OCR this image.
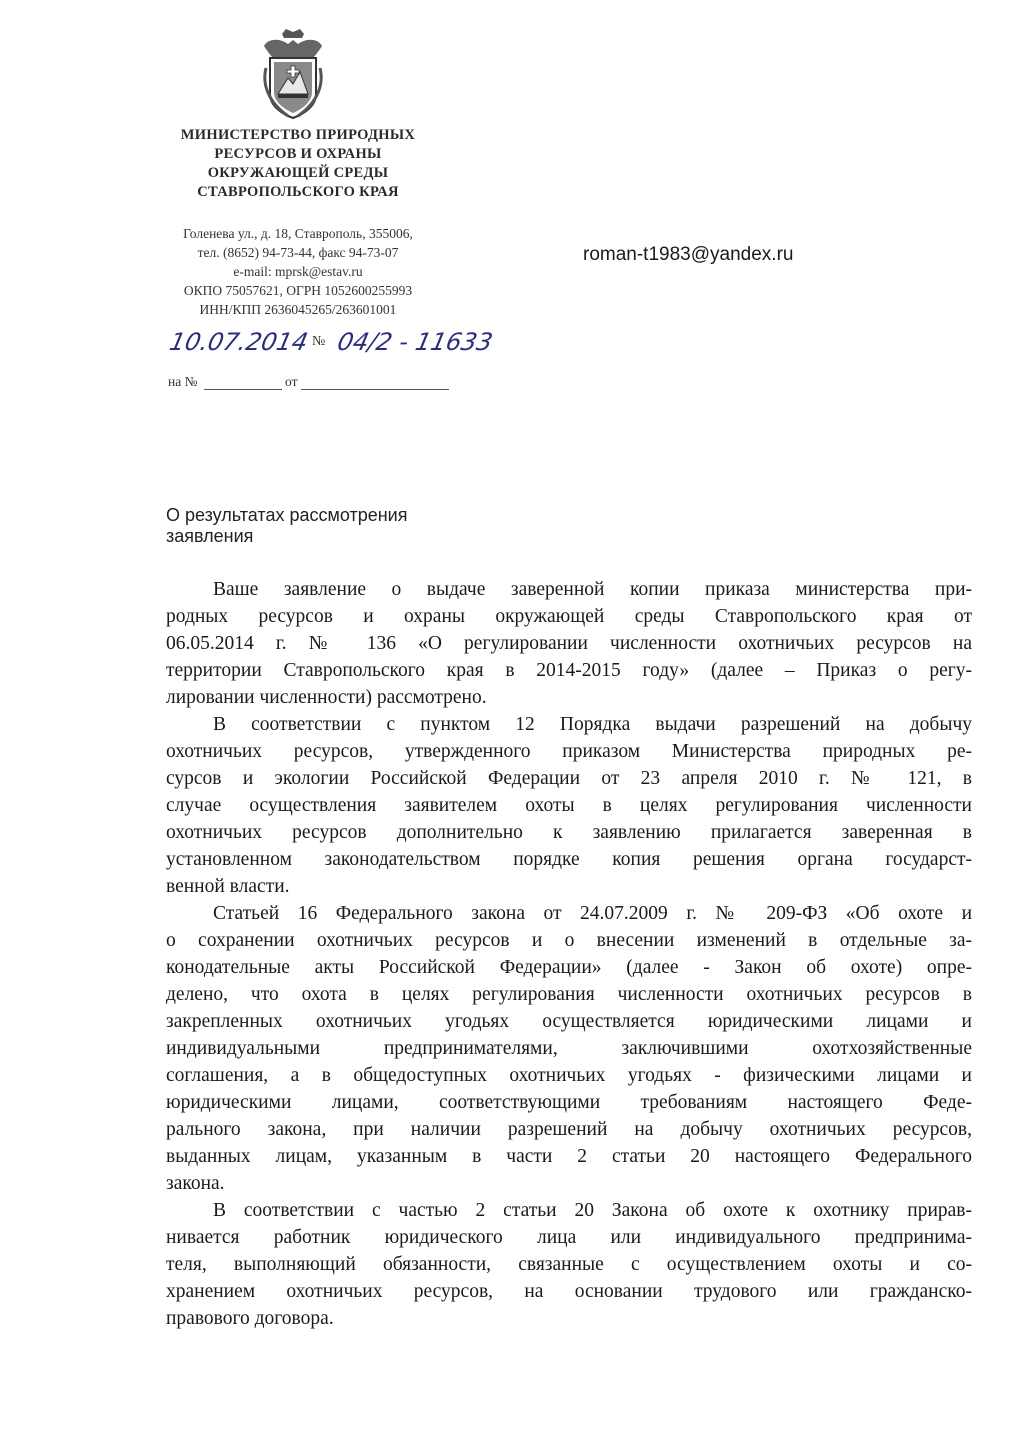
МИНИСТЕРСТВО ПРИРОДНЫХ
РЕСУРСОВ И ОХРАНЫ
ОКРУЖАЮЩЕЙ СРЕДЫ
СТАВРОПОЛЬСКОГО КРАЯ
Голенева ул., д. 18, Ставрополь, 355006,
тел. (8652) 94-73-44, факс 94-73-07
e-mail: mprsk@estav.ru
ОКПО 75057621, ОГРН 1052600255993
ИНН/КПП 2636045265/263601001
10.07.2014 № 04/2 - 11633
на №	от
roman-t1983@yandex.ru
О результатах рассмотрения
заявления
Ваше заявление о выдаче заверенной копии приказа министерства при-
родных ресурсов и охраны окружающей среды Ставропольского края от
06.05.2014 г. № 136 «О регулировании численности охотничьих ресурсов на
территории Ставропольского края в 2014-2015 году» (далее – Приказ о регу-
лировании численности) рассмотрено.
В соответствии с пунктом 12 Порядка выдачи разрешений на добычу
охотничьих ресурсов, утвержденного приказом Министерства природных ре-
сурсов и экологии Российской Федерации от 23 апреля 2010 г. № 121, в
случае осуществления заявителем охоты в целях регулирования численности
охотничьих ресурсов дополнительно к заявлению прилагается заверенная в
установленном законодательством порядке копия решения органа государст-
венной власти.
Статьей 16 Федерального закона от 24.07.2009 г. № 209-ФЗ «Об охоте и
о сохранении охотничьих ресурсов и о внесении изменений в отдельные за-
конодательные акты Российской Федерации» (далее - Закон об охоте) опре-
делено, что охота в целях регулирования численности охотничьих ресурсов в
закрепленных охотничьих угодьях осуществляется юридическими лицами и
индивидуальными предпринимателями, заключившими охотхозяйственные
соглашения, а в общедоступных охотничьих угодьях - физическими лицами и
юридическими лицами, соответствующими требованиям настоящего Феде-
рального закона, при наличии разрешений на добычу охотничьих ресурсов,
выданных лицам, указанным в части 2 статьи 20 настоящего Федерального
закона.
В соответствии с частью 2 статьи 20 Закона об охоте к охотнику прирав-
нивается работник юридического лица или индивидуального предпринима-
теля, выполняющий обязанности, связанные с осуществлением охоты и со-
хранением охотничьих ресурсов, на основании трудового или гражданско-
правового договора.
